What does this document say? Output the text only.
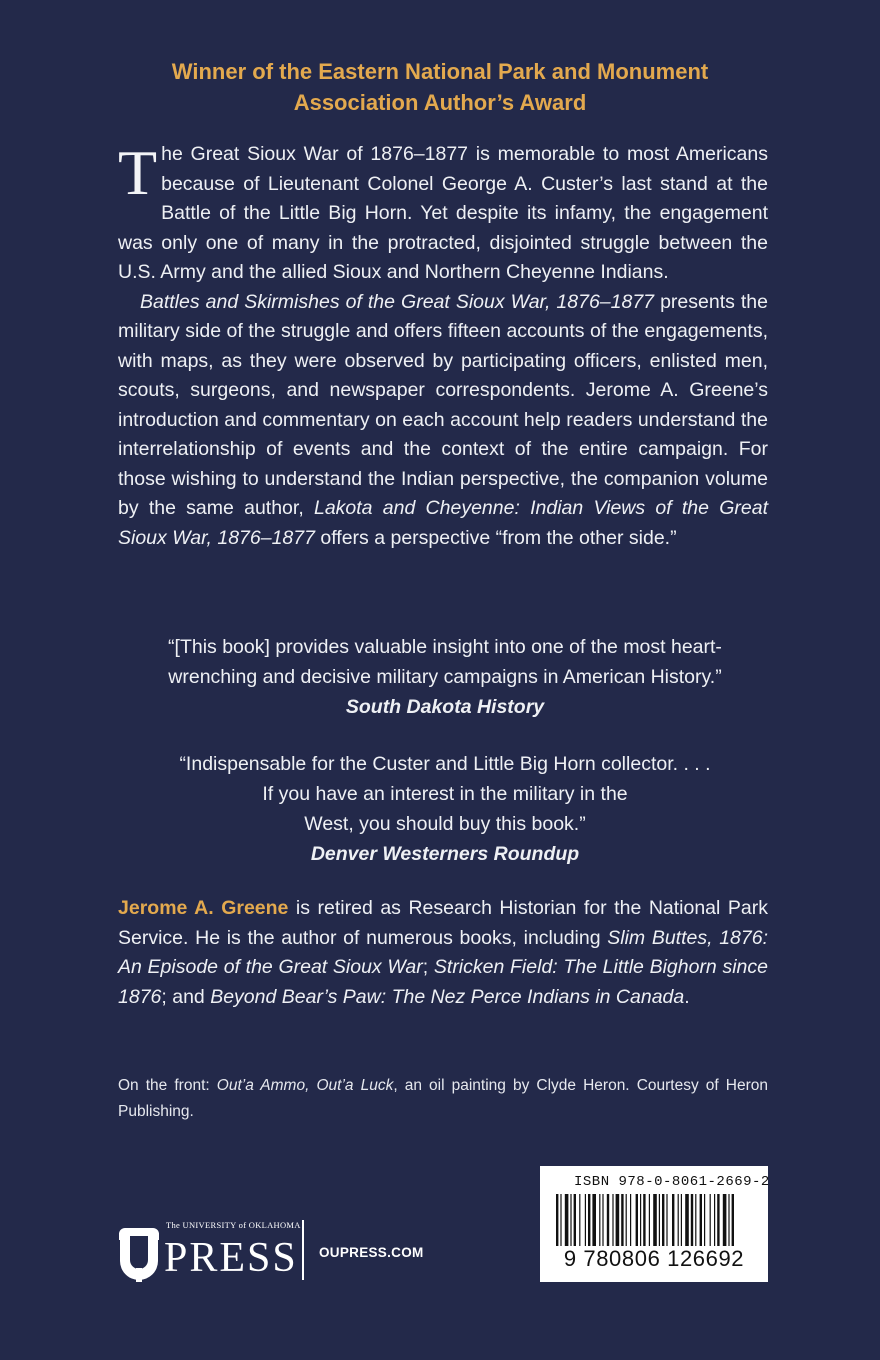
Winner of the Eastern National Park and Monument
Association Author’s Award

The Great Sioux War of 1876–1877 is memorable to most Americans because of Lieutenant Colonel George A. Custer’s last stand at the Battle of the Little Big Horn. Yet despite its infamy, the engagement was only one of many in the protracted, disjointed struggle between the U.S. Army and the allied Sioux and Northern Cheyenne Indians.

Battles and Skirmishes of the Great Sioux War, 1876–1877 presents the military side of the struggle and offers fifteen accounts of the engagements, with maps, as they were observed by participating officers, enlisted men, scouts, surgeons, and newspaper correspondents. Jerome A. Greene’s introduction and commentary on each account help readers understand the interrelationship of events and the context of the entire campaign. For those wishing to understand the Indian perspective, the companion volume by the same author, Lakota and Cheyenne: Indian Views of the Great Sioux War, 1876–1877 offers a perspective “from the other side.”

“[This book] provides valuable insight into one of the most heart-
wrenching and decisive military campaigns in American History.”
South Dakota History
“Indispensable for the Custer and Little Big Horn collector. . . .
If you have an interest in the military in the
West, you should buy this book.”
Denver Westerners Roundup
Jerome A. Greene is retired as Research Historian for the National Park Service. He is the author of numerous books, including Slim Buttes, 1876: An Episode of the Great Sioux War; Stricken Field: The Little Bighorn since 1876; and Beyond Bear’s Paw: The Nez Perce Indians in Canada.
On the front: Out’a Ammo, Out’a Luck, an oil painting by Clyde Heron. Courtesy of Heron Publishing.
The UNIVERSITY of OKLAHOMA
PRESS OUPRESS.COM
ISBN 978-0-8061-2669-2
9 780806 126692
